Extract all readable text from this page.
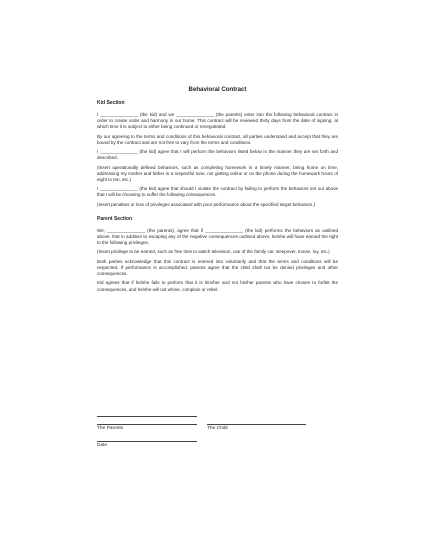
Behavioral Contract
Kid Section

I _______________ (the kid) and we _______________ (the parents) enter into the following behavioral contract in order to create order and harmony in our home. This contract will be reviewed thirty days from the date of signing, at which time it is subject to either being continued or renegotiated.

By our agreeing to the terms and conditions of this behavioral contract, all parties understand and accept that they are bound by the contract and are not free to vary from the terms and conditions.

I _______________ (the kid) agree that I will perform the behaviors listed below in the manner they are set forth and described.

(Insert operationally defined behaviors, such as completing homework in a timely manner, being home on time, addressing my mother and father in a respectful tone, not getting online or on the phone during the homework hours of eight to ten, etc.)

I _______________ (the kid) agree that should I violate the contract by failing to perform the behaviors set out above that I will be choosing to suffer the following consequences.

(Insert penalties or loss of privileges associated with poor performance about the specified target behaviors.)

Parent Section

We, _______________ (the parents), agree that if _______________ (the kid) performs the behaviors as outlined above, that in addition to escaping any of the negative consequences outlined above, he/she will have earned the right to the following privileges.

(Insert privilege to be earned, such as free time to watch television, use of the family car, sleepover, movie, toy, etc.)

Both parties acknowledge that this contract is entered into voluntarily and that the terms and conditions will be respected. If performance is accomplished, parents agree that the child shall not be denied privileges and other consequences.

Kid agrees that if he/she fails to perform that it is him/her and not his/her parents who have chosen to forfeit the consequences, and he/she will not whine, complain or rebel.

The Parents	The Child
Date
